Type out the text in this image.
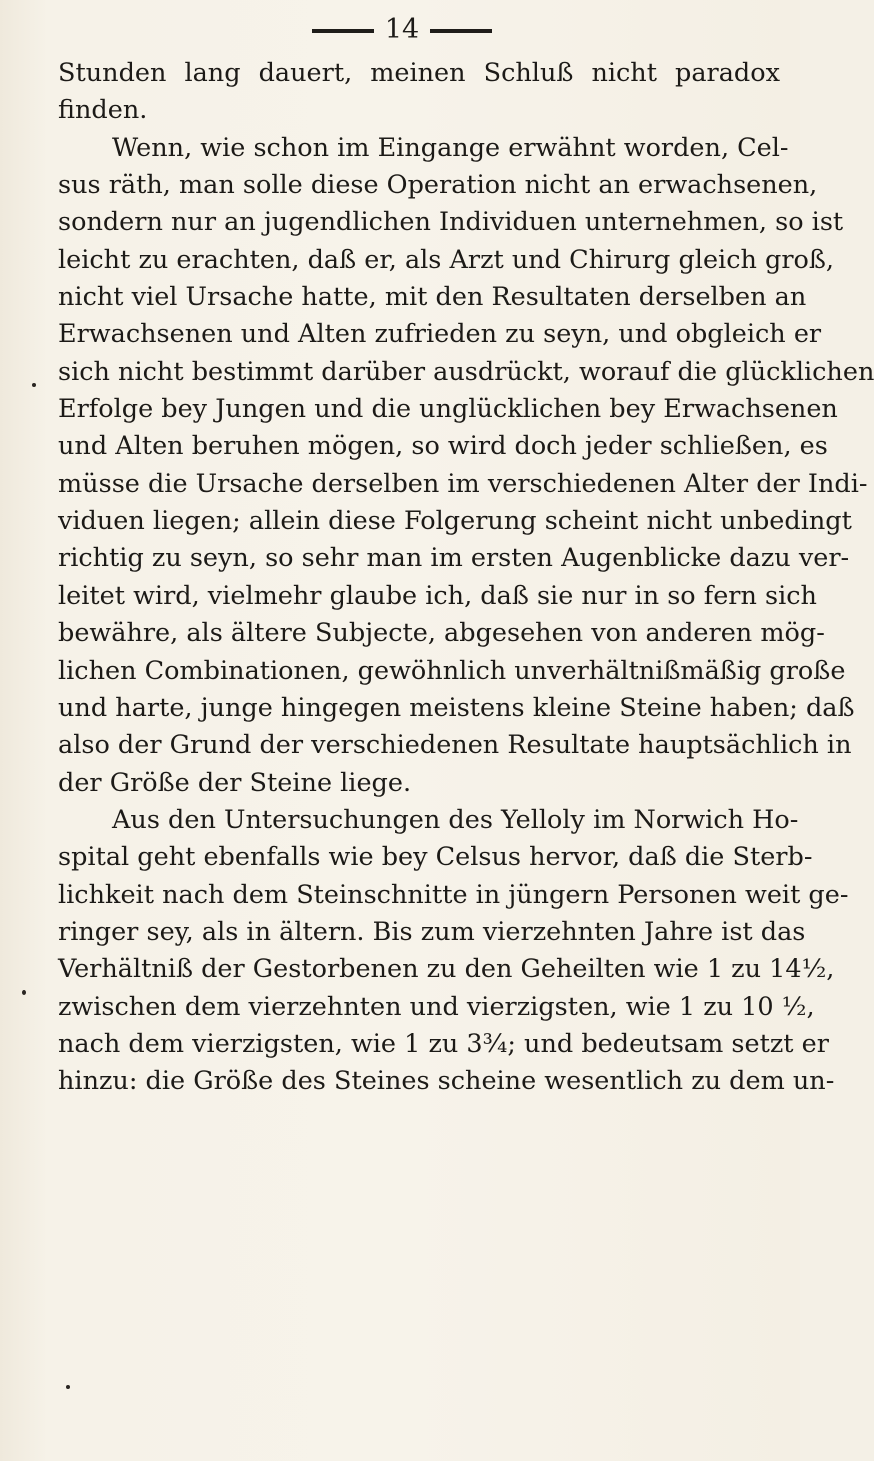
14
Stunden lang dauert, meinen Schluß nicht paradox
finden.
Wenn, wie schon im Eingange erwähnt worden, Cel-
sus räth, man solle diese Operation nicht an erwachsenen,
sondern nur an jugendlichen Individuen unternehmen, so ist
leicht zu erachten, daß er, als Arzt und Chirurg gleich groß,
nicht viel Ursache hatte, mit den Resultaten derselben an
Erwachsenen und Alten zufrieden zu seyn, und obgleich er
sich nicht bestimmt darüber ausdrückt, worauf die glücklichen
Erfolge bey Jungen und die unglücklichen bey Erwachsenen
und Alten beruhen mögen, so wird doch jeder schließen, es
müsse die Ursache derselben im verschiedenen Alter der Indi-
viduen liegen; allein diese Folgerung scheint nicht unbedingt
richtig zu seyn, so sehr man im ersten Augenblicke dazu ver-
leitet wird, vielmehr glaube ich, daß sie nur in so fern sich
bewähre, als ältere Subjecte, abgesehen von anderen mög-
lichen Combinationen, gewöhnlich unverhältnißmäßig große
und harte, junge hingegen meistens kleine Steine haben; daß
also der Grund der verschiedenen Resultate hauptsächlich in
der Größe der Steine liege.
Aus den Untersuchungen des Yelloly im Norwich Ho-
spital geht ebenfalls wie bey Celsus hervor, daß die Sterb-
lichkeit nach dem Steinschnitte in jüngern Personen weit ge-
ringer sey, als in ältern. Bis zum vierzehnten Jahre ist das
Verhältniß der Gestorbenen zu den Geheilten wie 1 zu 14½,
zwischen dem vierzehnten und vierzigsten, wie 1 zu 10 ½,
nach dem vierzigsten, wie 1 zu 3¾; und bedeutsam setzt er
hinzu: die Größe des Steines scheine wesentlich zu dem un-
